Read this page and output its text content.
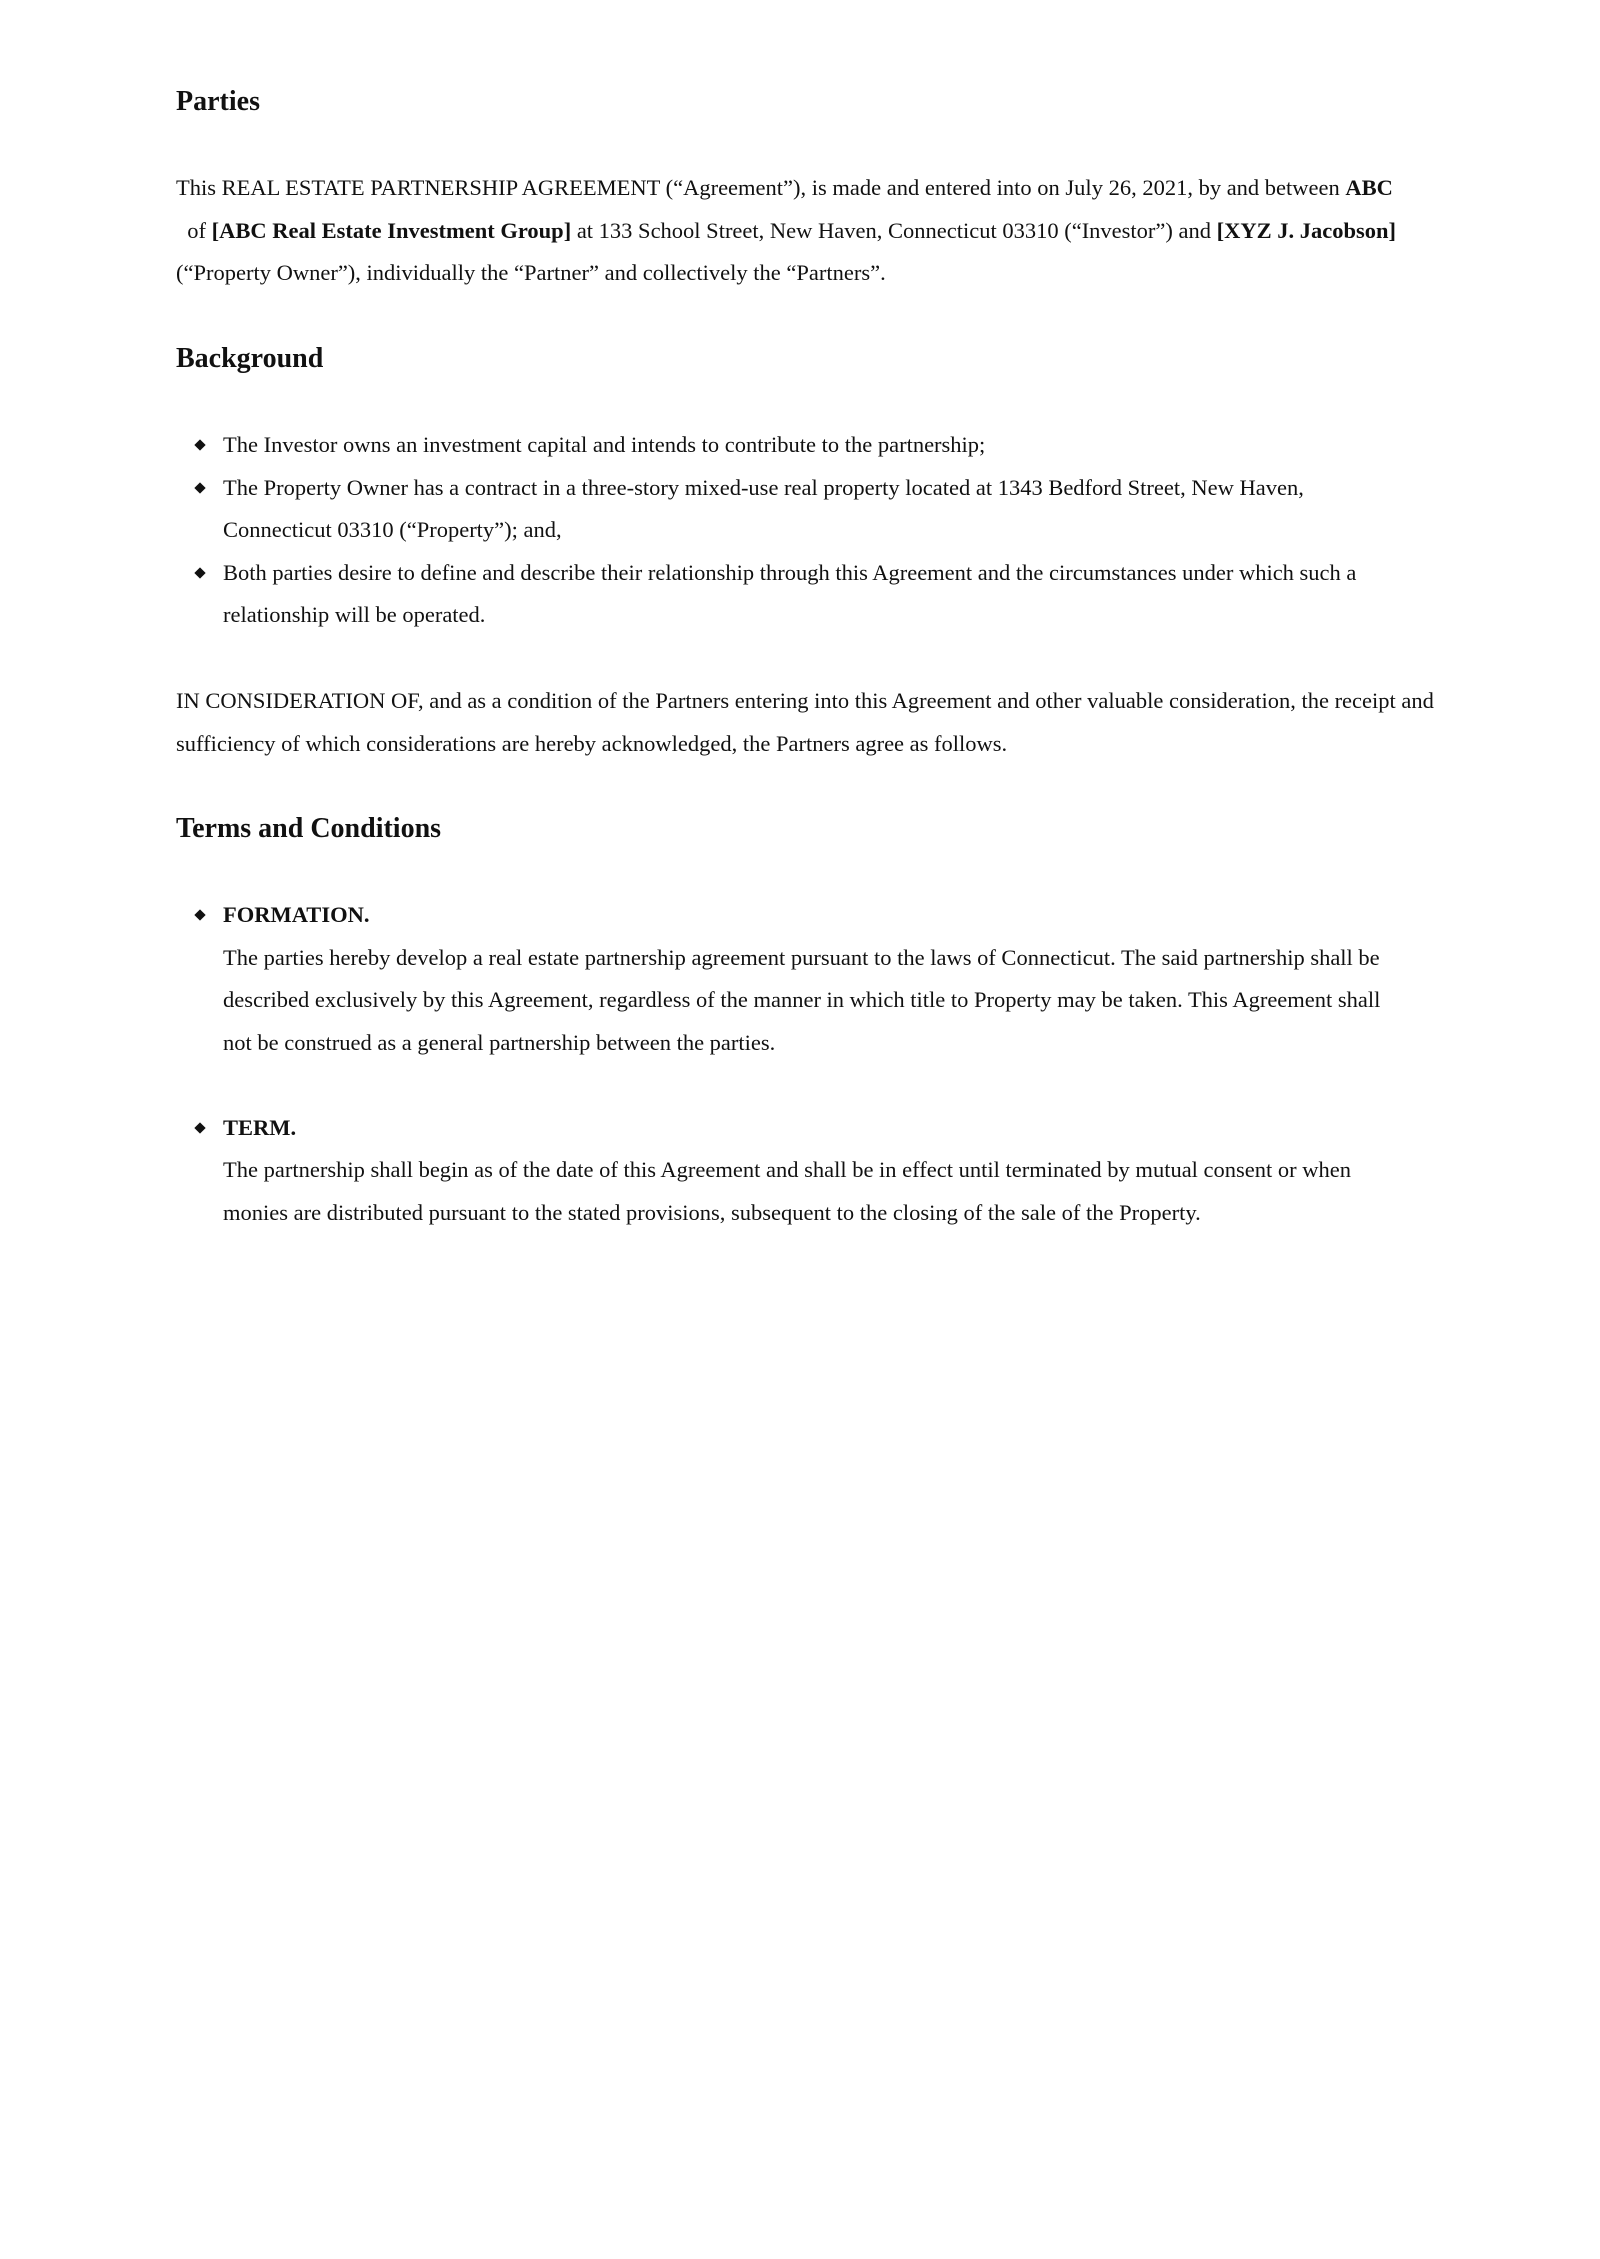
Parties

This REAL ESTATE PARTNERSHIP AGREEMENT (“Agreement”), is made and entered into on July 26, 2021, by and between ABC  of [ABC Real Estate Investment Group] at 133 School Street, New Haven, Connecticut 03310 (“Investor”) and [XYZ J. Jacobson] (“Property Owner”), individually the “Partner” and collectively the “Partners”.

Background
The Investor owns an investment capital and intends to contribute to the partnership;
The Property Owner has a contract in a three-story mixed-use real property located at 1343 Bedford Street, New Haven, Connecticut 03310 (“Property”); and,
Both parties desire to define and describe their relationship through this Agreement and the circumstances under which such a relationship will be operated.

IN CONSIDERATION OF, and as a condition of the Partners entering into this Agreement and other valuable consideration, the receipt and sufficiency of which considerations are hereby acknowledged, the Partners agree as follows.

Terms and Conditions
FORMATION.
The parties hereby develop a real estate partnership agreement pursuant to the laws of Connecticut. The said partnership shall be described exclusively by this Agreement, regardless of the manner in which title to Property may be taken. This Agreement shall not be construed as a general partnership between the parties.
TERM.
The partnership shall begin as of the date of this Agreement and shall be in effect until terminated by mutual consent or when monies are distributed pursuant to the stated provisions, subsequent to the closing of the sale of the Property.
